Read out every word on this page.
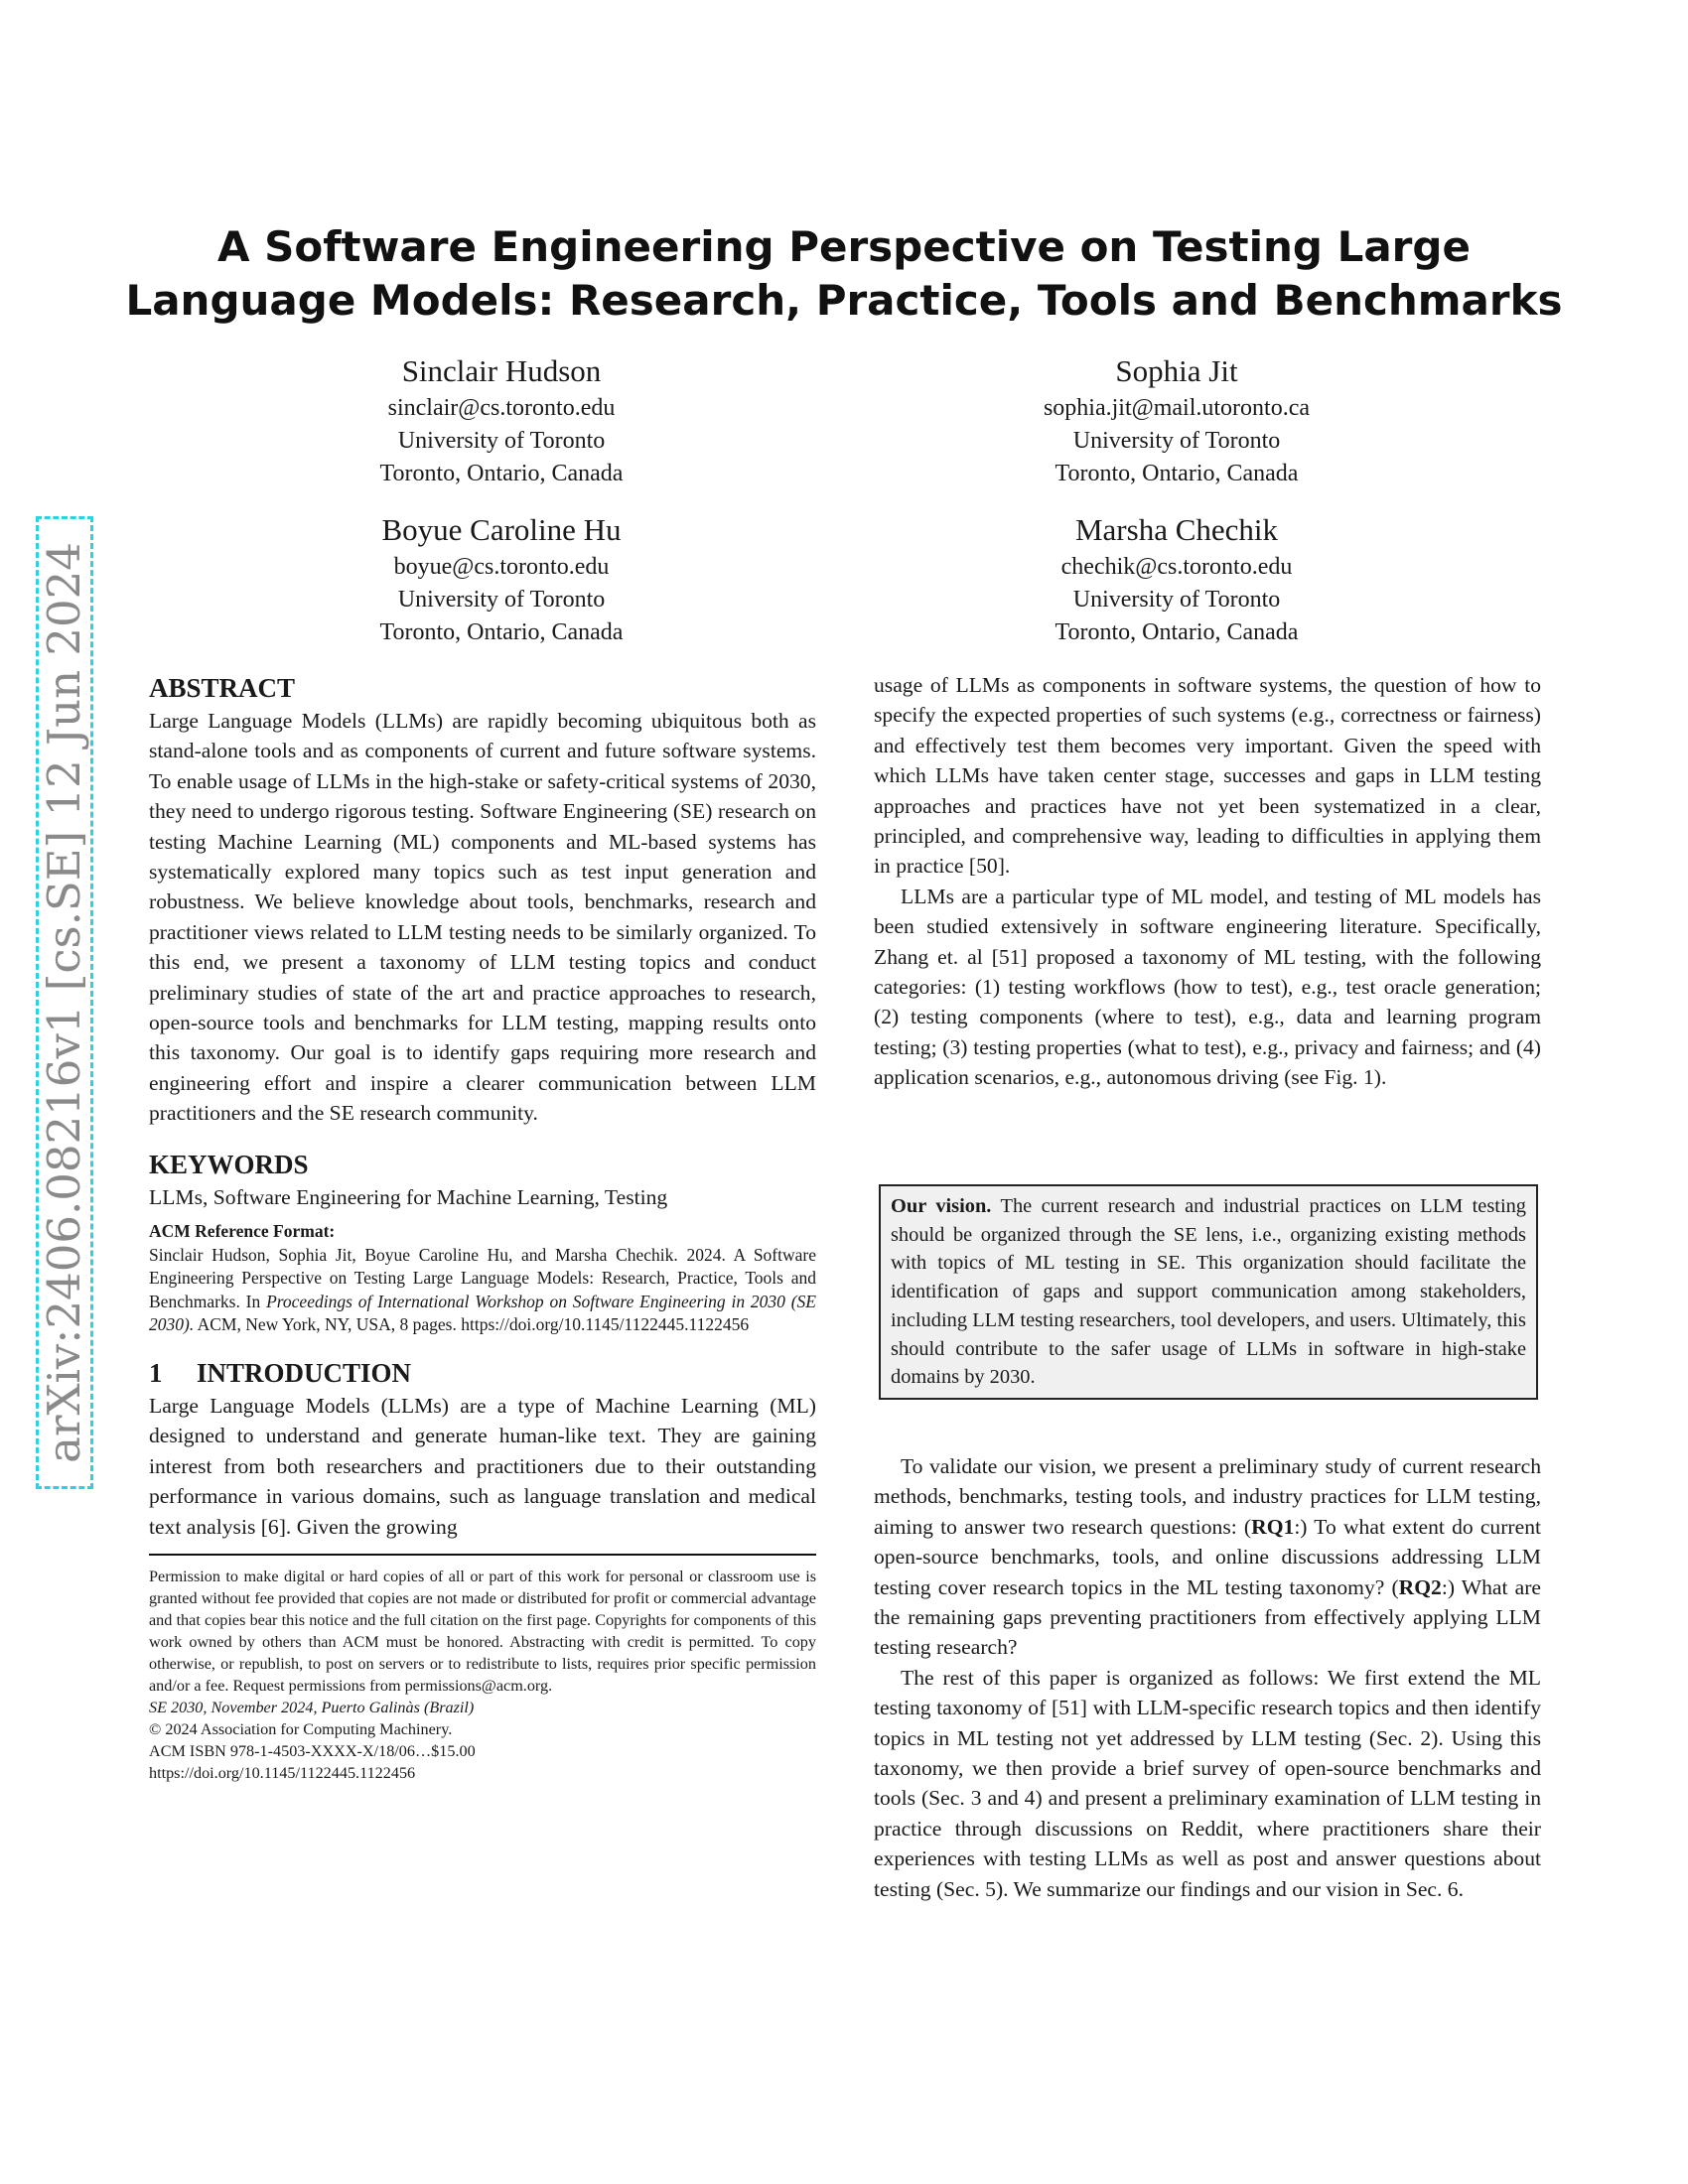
arXiv:2406.08216v1 [cs.SE] 12 Jun 2024
A Software Engineering Perspective on Testing Large Language Models: Research, Practice, Tools and Benchmarks
Sinclair Hudson
sinclair@cs.toronto.edu
University of Toronto
Toronto, Ontario, Canada
Sophia Jit
sophia.jit@mail.utoronto.ca
University of Toronto
Toronto, Ontario, Canada
Boyue Caroline Hu
boyue@cs.toronto.edu
University of Toronto
Toronto, Ontario, Canada
Marsha Chechik
chechik@cs.toronto.edu
University of Toronto
Toronto, Ontario, Canada
ABSTRACT

Large Language Models (LLMs) are rapidly becoming ubiquitous both as stand-alone tools and as components of current and future software systems. To enable usage of LLMs in the high-stake or safety-critical systems of 2030, they need to undergo rigorous testing. Software Engineering (SE) research on testing Machine Learning (ML) components and ML-based systems has systematically explored many topics such as test input generation and robustness. We believe knowledge about tools, benchmarks, research and practitioner views related to LLM testing needs to be similarly organized. To this end, we present a taxonomy of LLM testing topics and conduct preliminary studies of state of the art and practice approaches to research, open-source tools and benchmarks for LLM testing, mapping results onto this taxonomy. Our goal is to identify gaps requiring more research and engineering effort and inspire a clearer communication between LLM practitioners and the SE research community.

KEYWORDS

LLMs, Software Engineering for Machine Learning, Testing

ACM Reference Format:
Sinclair Hudson, Sophia Jit, Boyue Caroline Hu, and Marsha Chechik. 2024. A Software Engineering Perspective on Testing Large Language Models: Research, Practice, Tools and Benchmarks. In Proceedings of International Workshop on Software Engineering in 2030 (SE 2030). ACM, New York, NY, USA, 8 pages. https://doi.org/10.1145/1122445.1122456
1 INTRODUCTION

Large Language Models (LLMs) are a type of Machine Learning (ML) designed to understand and generate human-like text. They are gaining interest from both researchers and practitioners due to their outstanding performance in various domains, such as language translation and medical text analysis [6]. Given the growing

Permission to make digital or hard copies of all or part of this work for personal or classroom use is granted without fee provided that copies are not made or distributed for profit or commercial advantage and that copies bear this notice and the full citation on the first page. Copyrights for components of this work owned by others than ACM must be honored. Abstracting with credit is permitted. To copy otherwise, or republish, to post on servers or to redistribute to lists, requires prior specific permission and/or a fee. Request permissions from permissions@acm.org.
SE 2030, November 2024, Puerto Galinàs (Brazil)
© 2024 Association for Computing Machinery.
ACM ISBN 978-1-4503-XXXX-X/18/06…$15.00
https://doi.org/10.1145/1122445.1122456

usage of LLMs as components in software systems, the question of how to specify the expected properties of such systems (e.g., correctness or fairness) and effectively test them becomes very important. Given the speed with which LLMs have taken center stage, successes and gaps in LLM testing approaches and practices have not yet been systematized in a clear, principled, and comprehensive way, leading to difficulties in applying them in practice [50].

LLMs are a particular type of ML model, and testing of ML models has been studied extensively in software engineering literature. Specifically, Zhang et. al [51] proposed a taxonomy of ML testing, with the following categories: (1) testing workflows (how to test), e.g., test oracle generation; (2) testing components (where to test), e.g., data and learning program testing; (3) testing properties (what to test), e.g., privacy and fairness; and (4) application scenarios, e.g., autonomous driving (see Fig. 1).

Our vision. The current research and industrial practices on LLM testing should be organized through the SE lens, i.e., organizing existing methods with topics of ML testing in SE. This organization should facilitate the identification of gaps and support communication among stakeholders, including LLM testing researchers, tool developers, and users. Ultimately, this should contribute to the safer usage of LLMs in software in high-stake domains by 2030.

To validate our vision, we present a preliminary study of current research methods, benchmarks, testing tools, and industry practices for LLM testing, aiming to answer two research questions: (RQ1:) To what extent do current open-source benchmarks, tools, and online discussions addressing LLM testing cover research topics in the ML testing taxonomy? (RQ2:) What are the remaining gaps preventing practitioners from effectively applying LLM testing research?

The rest of this paper is organized as follows: We first extend the ML testing taxonomy of [51] with LLM-specific research topics and then identify topics in ML testing not yet addressed by LLM testing (Sec. 2). Using this taxonomy, we then provide a brief survey of open-source benchmarks and tools (Sec. 3 and 4) and present a preliminary examination of LLM testing in practice through discussions on Reddit, where practitioners share their experiences with testing LLMs as well as post and answer questions about testing (Sec. 5). We summarize our findings and our vision in Sec. 6.
